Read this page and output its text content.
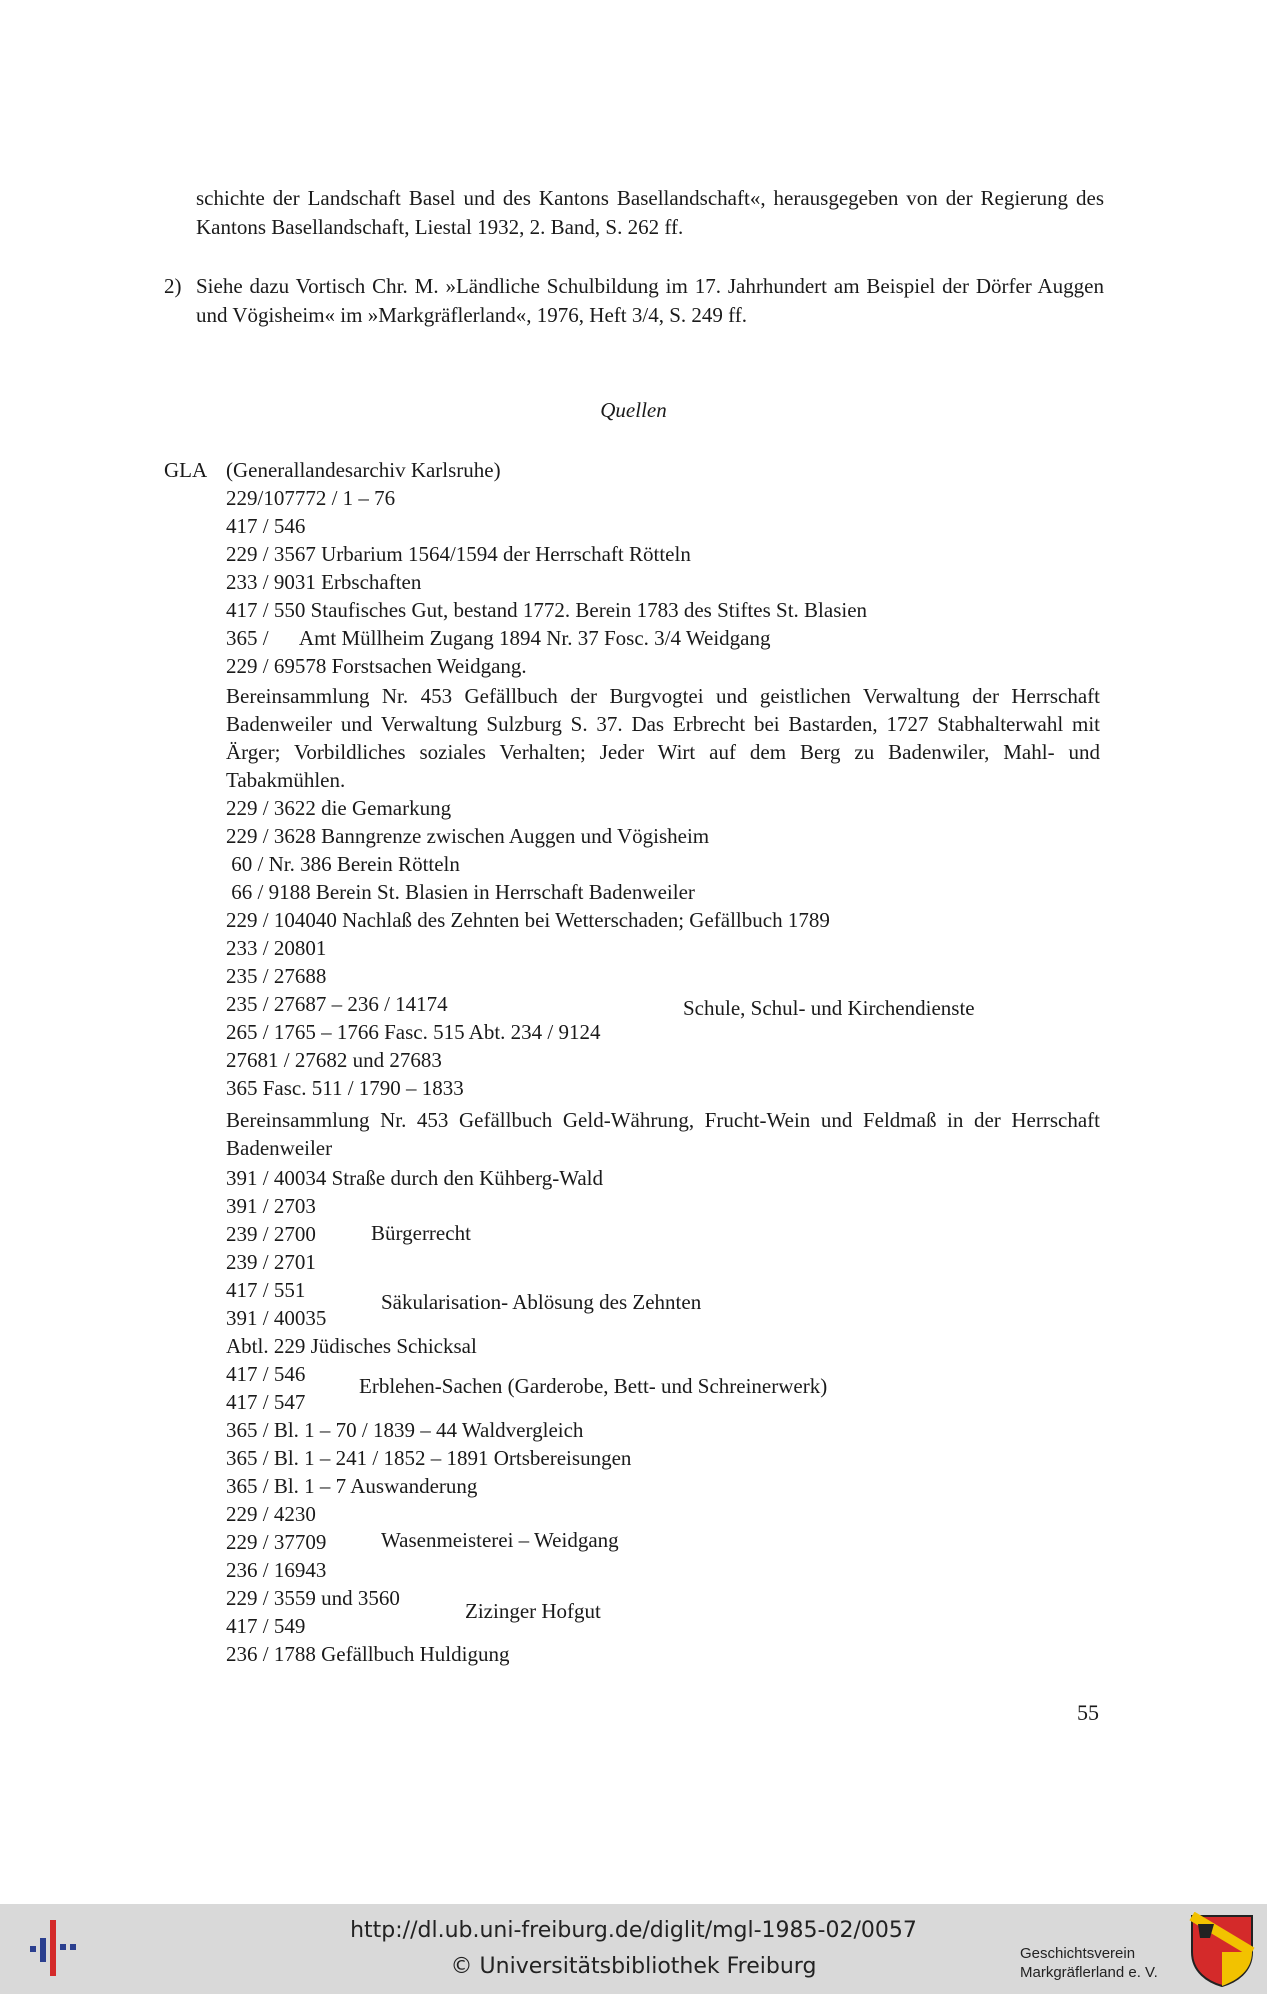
schichte der Landschaft Basel und des Kantons Basellandschaft«, herausgegeben von der Regierung des Kantons Basellandschaft, Liestal 1932, 2. Band, S. 262 ff.
2) Siehe dazu Vortisch Chr. M. »Ländliche Schulbildung im 17. Jahrhundert am Beispiel der Dörfer Auggen und Vögisheim« im »Markgräflerland«, 1976, Heft 3/4, S. 249 ff.
Quellen
GLA (Generallandesarchiv Karlsruhe)
229/107772 / 1 – 76
417 / 546
229 / 3567 Urbarium 1564/1594 der Herrschaft Rötteln
233 / 9031 Erbschaften
417 / 550 Staufisches Gut, bestand 1772. Berein 1783 des Stiftes St. Blasien
365 /      Amt Müllheim Zugang 1894 Nr. 37 Fosc. 3/4 Weidgang
229 / 69578 Forstsachen Weidgang.
229 / 3622 die Gemarkung
229 / 3628 Banngrenze zwischen Auggen und Vögisheim
60 / Nr. 386 Berein Rötteln
66 / 9188 Berein St. Blasien in Herrschaft Badenweiler
229 / 104040 Nachlaß des Zehnten bei Wetterschaden; Gefällbuch 1789
233 / 20801
235 / 27688
235 / 27687 – 236 / 14174
265 / 1765 – 1766 Fasc. 515 Abt. 234 / 9124
27681 / 27682 und 27683
365 Fasc. 511 / 1790 – 1833
391 / 40034 Straße durch den Kühberg-Wald
391 / 2703
239 / 2700
239 / 2701
417 / 551
391 / 40035
Abtl. 229 Jüdisches Schicksal
417 / 546
417 / 547
365 / Bl. 1 – 70 / 1839 – 44 Waldvergleich
365 / Bl. 1 – 241 / 1852 – 1891 Ortsbereisungen
365 / Bl. 1 – 7 Auswanderung
229 / 4230
229 / 37709
236 / 16943
229 / 3559 und 3560
417 / 549
236 / 1788 Gefällbuch Huldigung
Bereinsammlung Nr. 453 Gefällbuch der Burgvogtei und geistlichen Verwaltung der Herrschaft Badenweiler und Verwaltung Sulzburg S. 37. Das Erbrecht bei Bastarden, 1727 Stabhalterwahl mit Ärger; Vorbildliches soziales Verhalten; Jeder Wirt auf dem Berg zu Badenwiler, Mahl- und Tabakmühlen.
Bereinsammlung Nr. 453 Gefällbuch Geld-Währung, Frucht-Wein und Feldmaß in der Herrschaft Badenweiler
Schule, Schul- und Kirchendienste
Bürgerrecht
Säkularisation- Ablösung des Zehnten
Erblehen-Sachen (Garderobe, Bett- und Schreinerwerk)
Wasenmeisterei – Weidgang
Zizinger Hofgut
55
http://dl.ub.uni-freiburg.de/diglit/mgl-1985-02/0057
© Universitätsbibliothek Freiburg
Geschichtsverein
Markgräflerland e. V.
